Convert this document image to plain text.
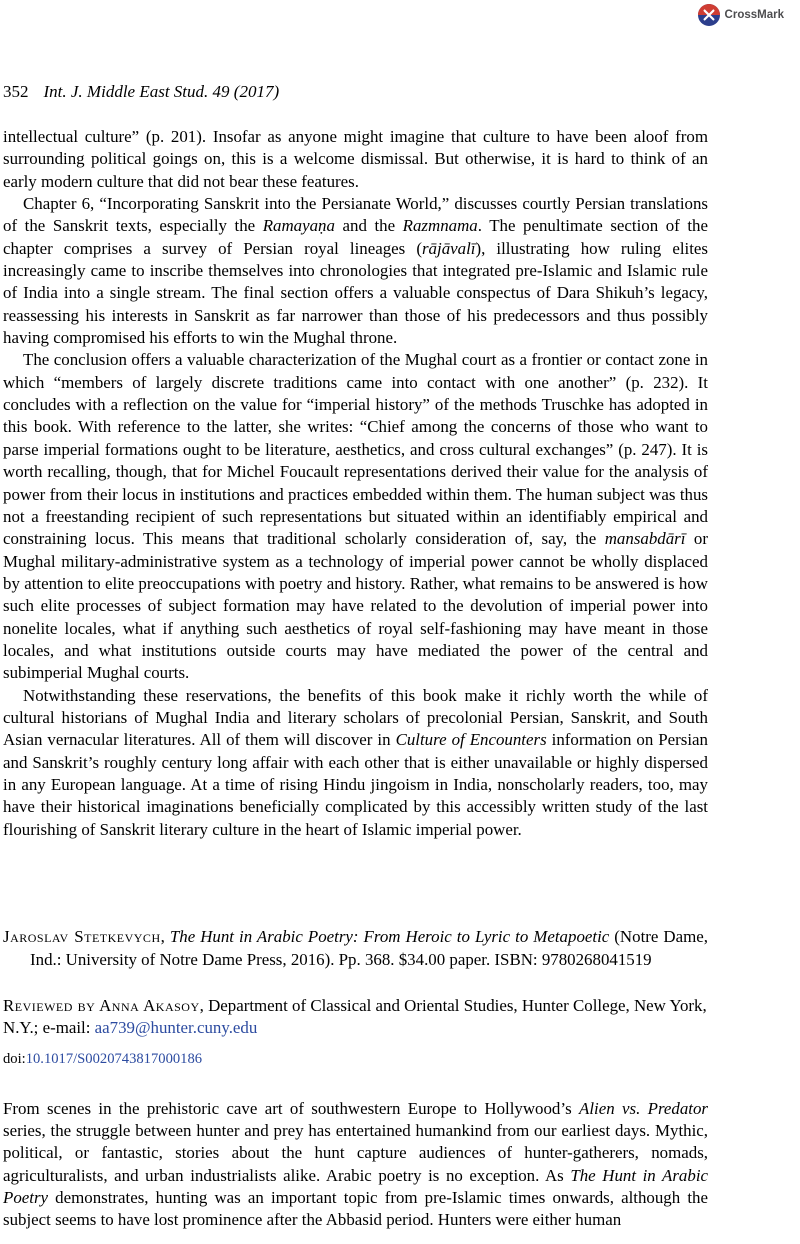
CrossMark
352 Int. J. Middle East Stud. 49 (2017)

intellectual culture” (p. 201). Insofar as anyone might imagine that culture to have been aloof from surrounding political goings on, this is a welcome dismissal. But otherwise, it is hard to think of an early modern culture that did not bear these features.

Chapter 6, “Incorporating Sanskrit into the Persianate World,” discusses courtly Persian translations of the Sanskrit texts, especially the Ramayaṇa and the Razmnama. The penultimate section of the chapter comprises a survey of Persian royal lineages (rājāvalī), illustrating how ruling elites increasingly came to inscribe themselves into chronologies that integrated pre-Islamic and Islamic rule of India into a single stream. The final section offers a valuable conspectus of Dara Shikuh’s legacy, reassessing his interests in Sanskrit as far narrower than those of his predecessors and thus possibly having compromised his efforts to win the Mughal throne.

The conclusion offers a valuable characterization of the Mughal court as a frontier or contact zone in which “members of largely discrete traditions came into contact with one another” (p. 232). It concludes with a reflection on the value for “imperial history” of the methods Truschke has adopted in this book. With reference to the latter, she writes: “Chief among the concerns of those who want to parse imperial formations ought to be literature, aesthetics, and cross cultural exchanges” (p. 247). It is worth recalling, though, that for Michel Foucault representations derived their value for the analysis of power from their locus in institutions and practices embedded within them. The human subject was thus not a freestanding recipient of such representations but situated within an identifiably empirical and constraining locus. This means that traditional scholarly consideration of, say, the mansabdārī or Mughal military-administrative system as a technology of imperial power cannot be wholly displaced by attention to elite preoccupations with poetry and history. Rather, what remains to be answered is how such elite processes of subject formation may have related to the devolution of imperial power into nonelite locales, what if anything such aesthetics of royal self-fashioning may have meant in those locales, and what institutions outside courts may have mediated the power of the central and subimperial Mughal courts.

Notwithstanding these reservations, the benefits of this book make it richly worth the while of cultural historians of Mughal India and literary scholars of precolonial Persian, Sanskrit, and South Asian vernacular literatures. All of them will discover in Culture of Encounters information on Persian and Sanskrit’s roughly century long affair with each other that is either unavailable or highly dispersed in any European language. At a time of rising Hindu jingoism in India, nonscholarly readers, too, may have their historical imaginations beneficially complicated by this accessibly written study of the last flourishing of Sanskrit literary culture in the heart of Islamic imperial power.

Jaroslav Stetkevych, The Hunt in Arabic Poetry: From Heroic to Lyric to Metapoetic (Notre Dame, Ind.: University of Notre Dame Press, 2016). Pp. 368. $34.00 paper. ISBN: 9780268041519

Reviewed by Anna Akasoy, Department of Classical and Oriental Studies, Hunter College, New York, N.Y.; e-mail: aa739@hunter.cuny.edu

doi:10.1017/S0020743817000186

From scenes in the prehistoric cave art of southwestern Europe to Hollywood’s Alien vs. Predator series, the struggle between hunter and prey has entertained humankind from our earliest days. Mythic, political, or fantastic, stories about the hunt capture audiences of hunter-gatherers, nomads, agriculturalists, and urban industrialists alike. Arabic poetry is no exception. As The Hunt in Arabic Poetry demonstrates, hunting was an important topic from pre-Islamic times onwards, although the subject seems to have lost prominence after the Abbasid period. Hunters were either human
